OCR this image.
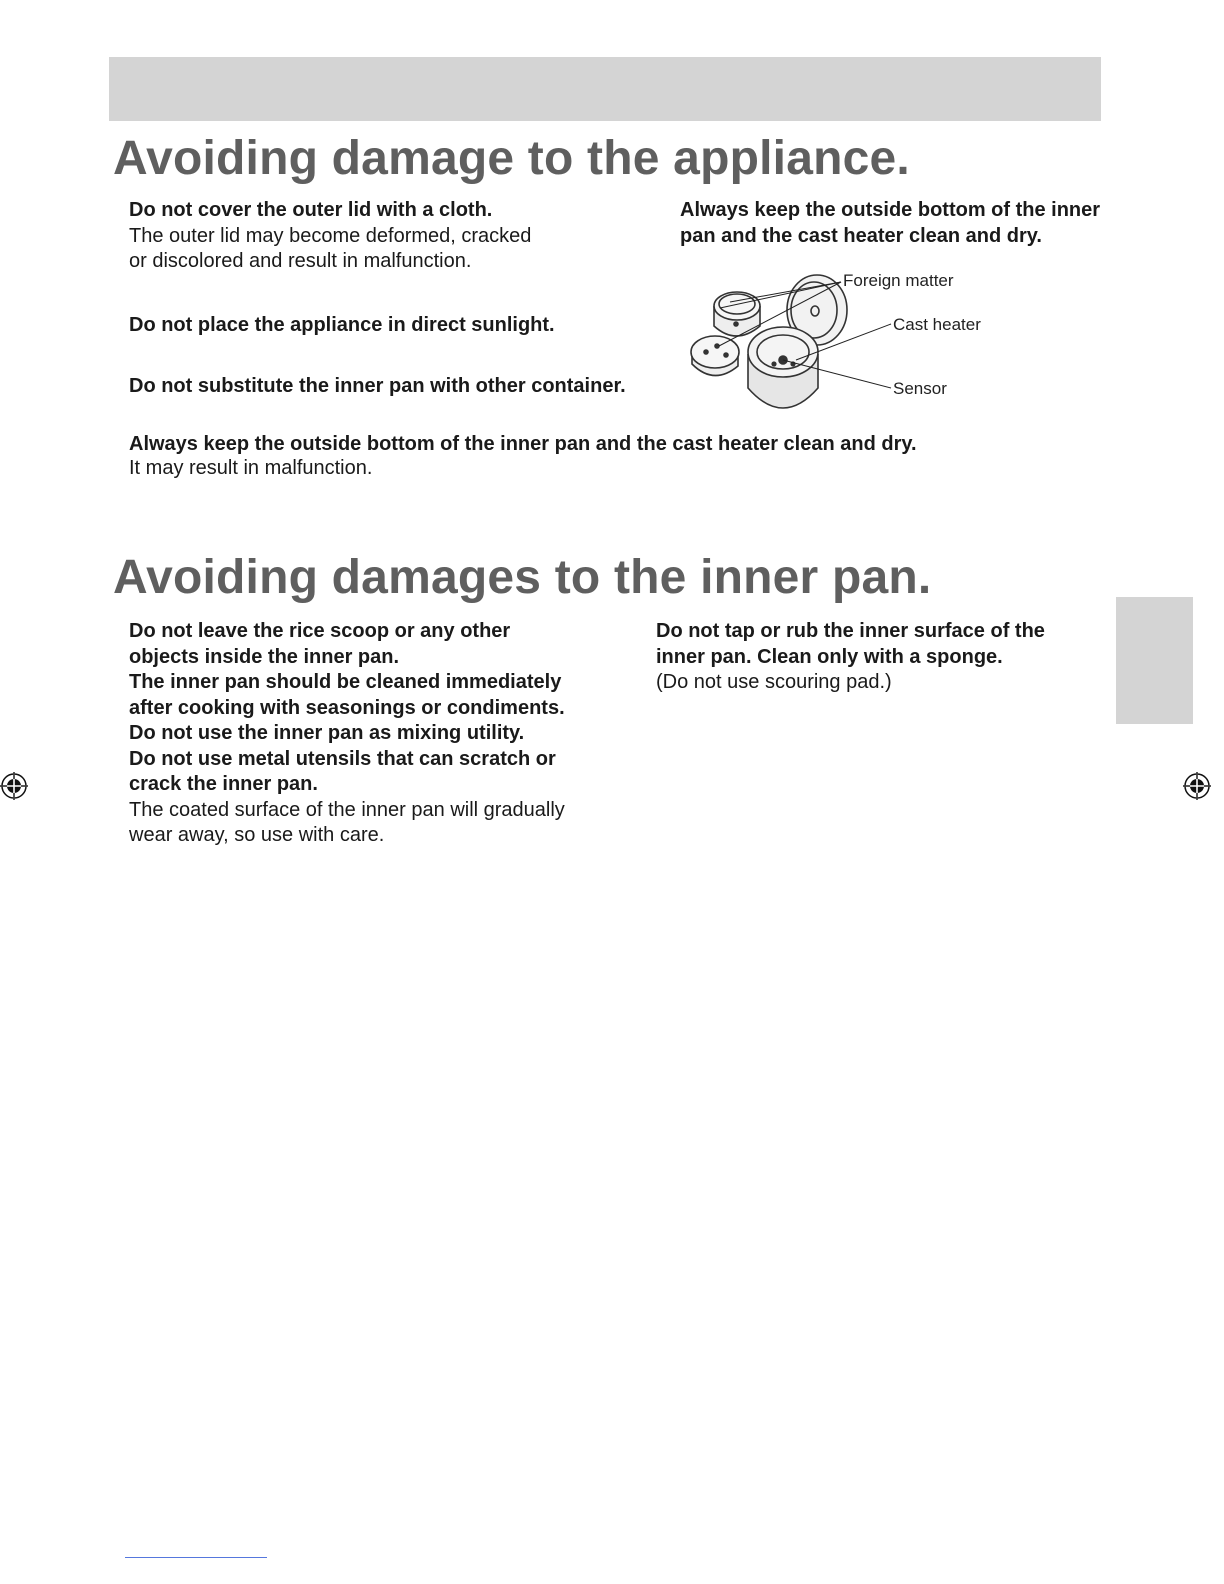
Avoiding damage to the appliance.
Do not cover the outer lid with a cloth.
The outer lid may become deformed, cracked
or discolored and result in malfunction.
Do not place the appliance in direct sunlight.
Do not substitute the inner pan with other container.
Always keep the outside bottom of the inner pan and the cast heater clean and dry.
It may result in malfunction.
Always keep the outside bottom of the inner
pan and the cast heater clean and dry.
Foreign matter
Cast heater
Sensor
Avoiding damages to the inner pan.
Do not leave the rice scoop or any other
objects inside the inner pan.
The inner pan should be cleaned immediately
after cooking with seasonings or condiments.
Do not use the inner pan as mixing utility.
Do not use metal utensils that can scratch or
crack the inner pan.
The coated surface of the inner pan will gradually
wear away, so use with care.
Do not tap or rub the inner surface of the
inner pan. Clean only with a sponge.
(Do not use scouring pad.)
